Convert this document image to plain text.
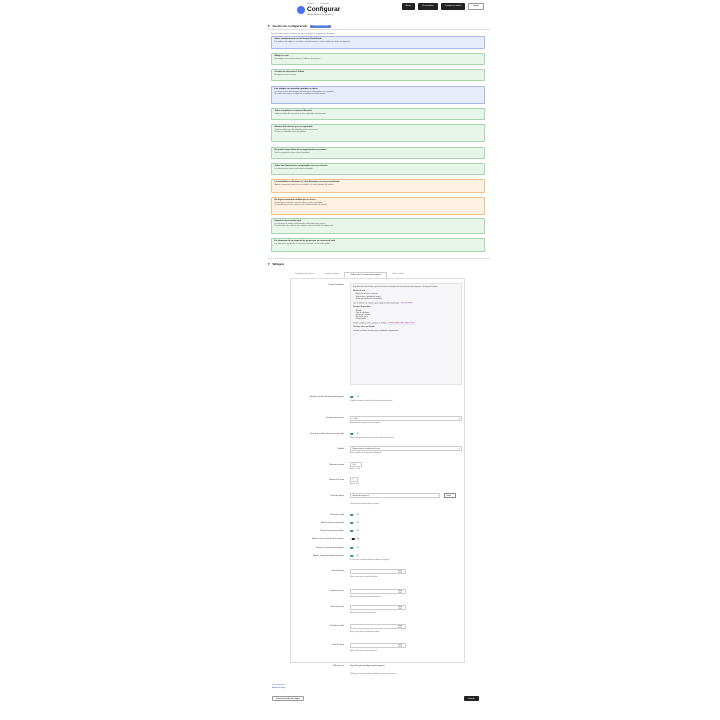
Widgets / Configurar
Configurar
Widget gráfico de proyecto
Borrar	Previsualizar	Configurar tamaño	Ayuda
▾ Sesión de configuración	Configuración activa
Revise la información a continuación para completar la configuración del widget.
Sobre complementos en la Función Predefinida
Los gráficos del widget se actualizan automáticamente cuando cambian los datos del proyecto.
Widget en uso
Este widget está siendo usado por 3 tableros de proyecto.
Versión de referencia 1.0 Beta
El widget está en fase beta.
Los widgets no necesitan guardar los datos
Los datos se leen directamente de las fuentes configuradas en el proyecto.
Si cambia las fuentes, el widget se actualizará automáticamente.
Todos completos en informe Mensual
Todos los datos del mes actual se han registrado correctamente.
Alcance del informe por ser registrado
Todos los datos han sido validados y son consistentes.
Revise los resultados antes de publicar.
No puede elegir datos de la organización en proceso
Solo los proyectos activos están disponibles.
Todas las dimensiones completadas con sus rellenos
Las dimensiones están correctamente definidas.
La visibilidad es diferente en Vista Estándar y en la personalizada
Algunos elementos pueden no ser visibles en la vista estándar del tablero.
No lograr conectarlo debido que es la vez
Compruebe la conexión con el servidor y vuelva a intentarlo.
Si el problema persiste, contacte con el administrador del sistema.
Espacios listos desde aquí
Los espacios de trabajo seleccionados están listos para usarse.
Puede añadir más espacios en cualquier momento desde la configuración.
Un elemento de un proyecto de grupo que se muestra al total
Los elementos agrupados se muestran sumados en el total del gráfico.
▾ Widgets
Configuración básica	Origen de datos	Gráfico de la historia del proyecto	Vista y estilo
Tienen Pulsadores
El gráfico de historia del proyecto muestra la evolución de los elementos del proyecto a lo largo del tiempo.
Modos de uso
• Elegir las métricas a mostrar
• Seleccionar el periodo de tiempo
• Filtrar por estado de los elementos
Use el selector de columna para elegir la métrica principal. status:open
Campos disponibles
• Estado
• Tipo de elemento
• Fecha de creación
• Fecha de cierre
• Responsable
Puede combinar varios campos en el filtro: status:open AND type:task
Consejo sobre un filtrado
Guarde sus filtros favoritos para reutilizarlos rápidamente.
Mostrar la gráfica de historia de proyecto	Sí
El gráfico muestra la evolución de los datos del proyecto.
Periodo para mostrar
1 año	▾
Seleccione el rango de tiempo del gráfico.
Tipos que se deben de mostrar (periodo)	Sí
Mostrar los tipos de elementos en el periodo seleccionado.
Modelo	Mostrar todo y el gráfico de barras	▾
Elija el modelo de visualización del gráfico.
Máximo entradas	100
Entre 1 y 500.
Grosor de la línea	2
Entre 1 y 10.
Título del gráfico	Historia del proyecto	Editar
Título que se mostrará sobre el gráfico.
Mostrar la rejilla	Sí
Mostrar números y leyenda	Sí
Mostrar los puntos de datos	Sí
Mostrar con una escala de los valores	No
Mostrar sin pasos de los gráficos	Sí
Mostrar la leyenda debajo del gráfico	Sí
Si se activa, la leyenda aparecerá debajo del gráfico.
Color del fondo	▾
Elija el color para el fondo del gráfico.
Color del número	▾
Elija el color para los números del gráfico.
Color de la serie	▾
Elija el color para la serie principal.
Color de la rejilla	▾
Elija el color para las líneas de la rejilla.
Color del texto	▾
Elija el color para el texto del gráfico.
URL para ver	https://ejemplo.org/widgets/grafico-proyecto
URL que se usará para abrir el gráfico en una nueva ventana.
Documentación
Ayuda del widget
Guardar borrador del widget	Guardar
